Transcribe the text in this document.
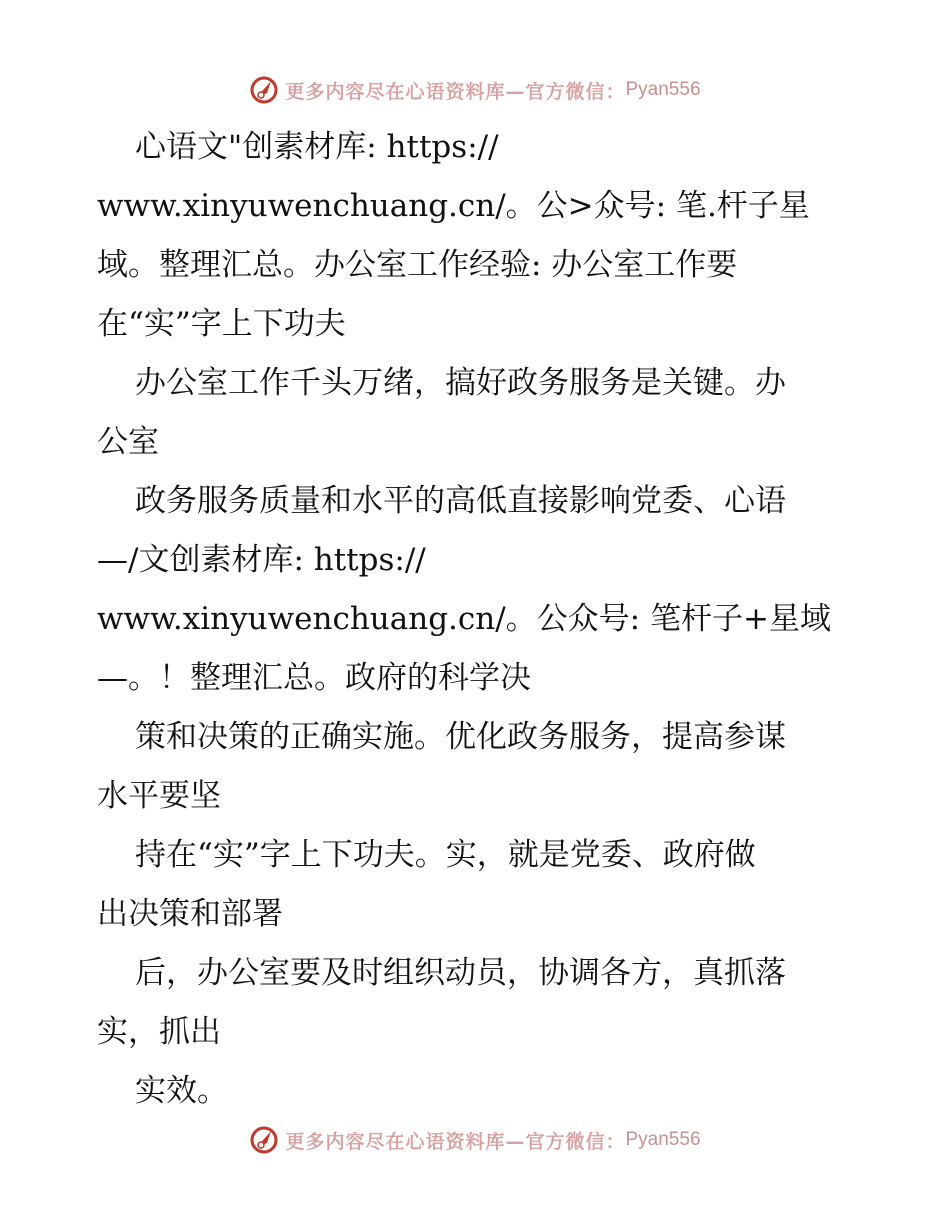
更多内容尽在心语资料库—官方微信： Pyan556
心语文"创素材库: https://
www.xinyuwenchuang.cn/。公>众号: 笔.杆子星
域。整理汇总。办公室工作经验: 办公室工作要
在“实”字上下功夫
办公室工作千头万绪，搞好政务服务是关键。办
公室
政务服务质量和水平的高低直接影响党委、心语
—/文创素材库: https://
www.xinyuwenchuang.cn/。公众号: 笔杆子+星域
—。！整理汇总。政府的科学决
策和决策的正确实施。优化政务服务，提高参谋
水平要坚
持在“实”字上下功夫。实，就是党委、政府做
出决策和部署
后，办公室要及时组织动员，协调各方，真抓落
实，抓出
实效。
更多内容尽在心语资料库—官方微信： Pyan556
